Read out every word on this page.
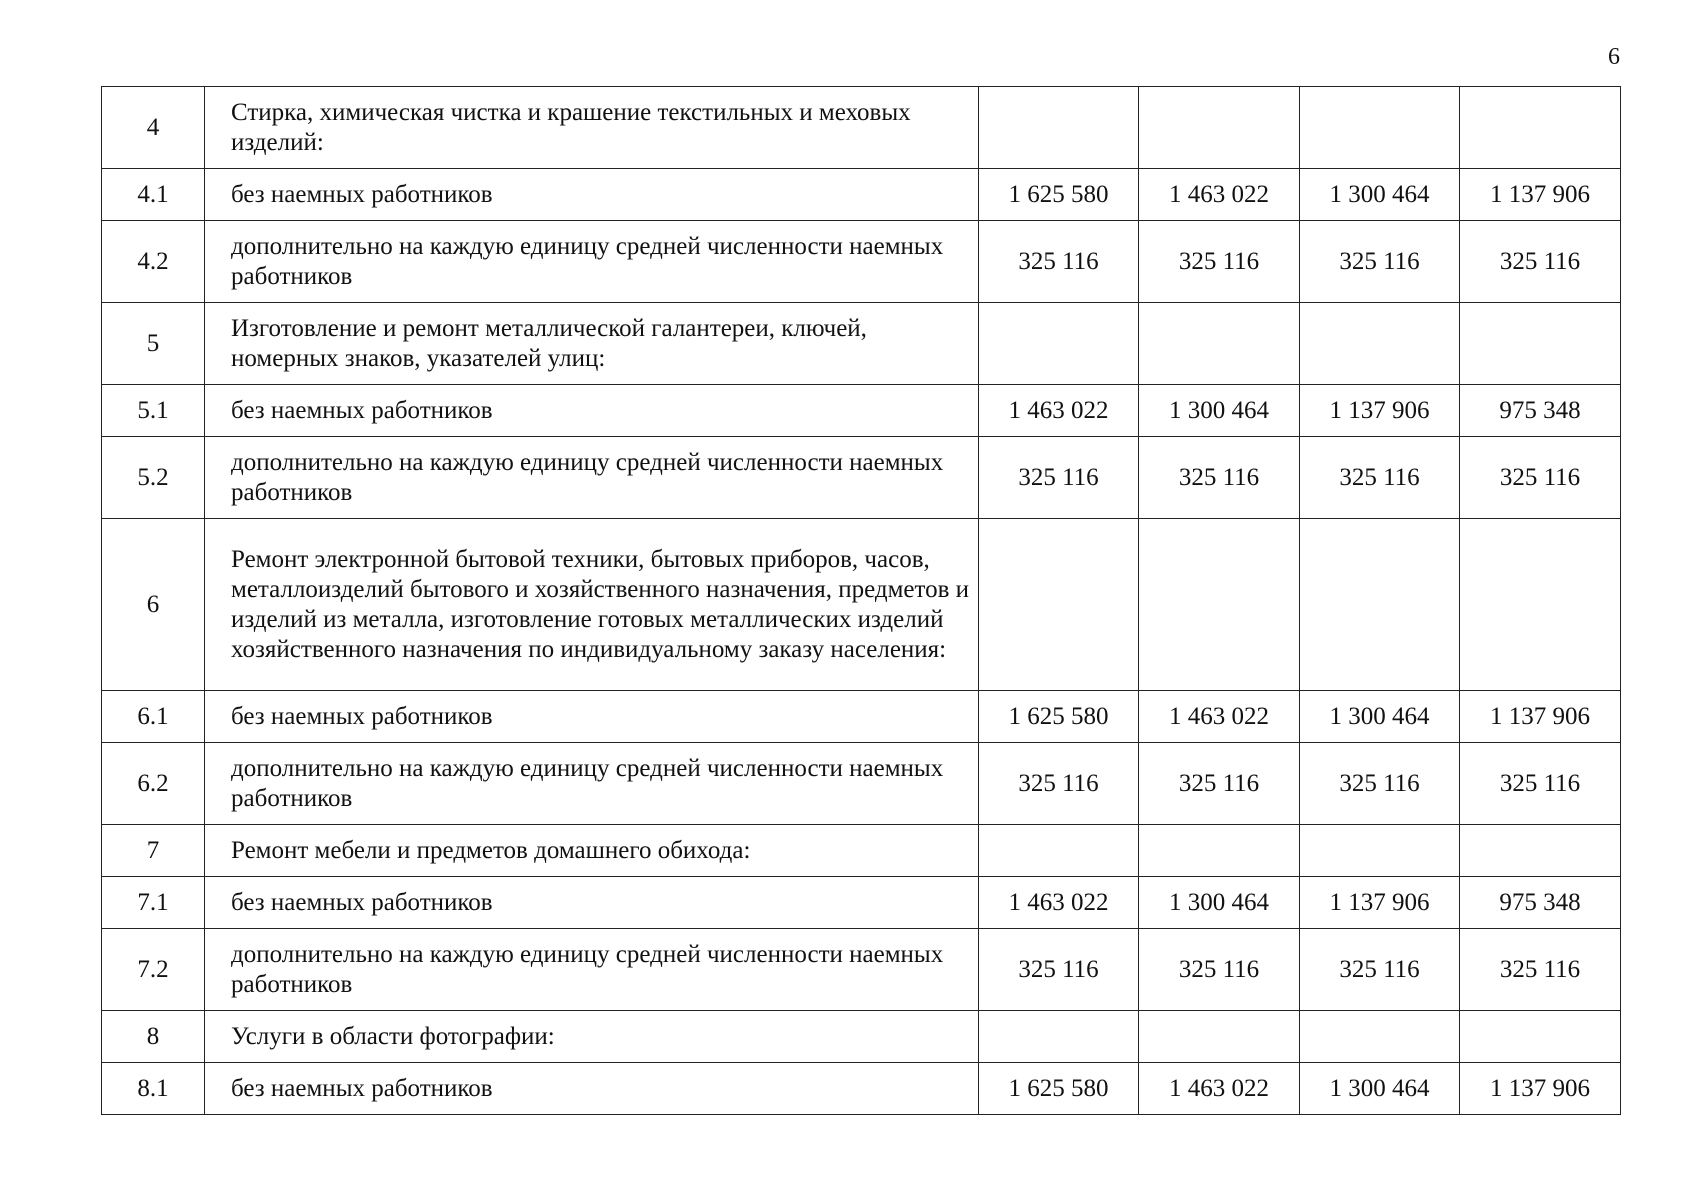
6
4	Стирка, химическая чистка и крашение текстильных и меховых изделий:				
4.1	без наемных работников	1 625 580	1 463 022	1 300 464	1 137 906
4.2	дополнительно на каждую единицу средней численности наемных работников	325 116	325 116	325 116	325 116
5	Изготовление и ремонт металлической галантереи, ключей, номерных знаков, указателей улиц:				
5.1	без наемных работников	1 463 022	1 300 464	1 137 906	975 348
5.2	дополнительно на каждую единицу средней численности наемных работников	325 116	325 116	325 116	325 116
6	Ремонт электронной бытовой техники, бытовых приборов, часов, металлоизделий бытового и хозяйственного назначения, предметов и изделий из металла, изготовление готовых металлических изделий хозяйственного назначения по индивидуальному заказу населения:				
6.1	без наемных работников	1 625 580	1 463 022	1 300 464	1 137 906
6.2	дополнительно на каждую единицу средней численности наемных работников	325 116	325 116	325 116	325 116
7	Ремонт мебели и предметов домашнего обихода:				
7.1	без наемных работников	1 463 022	1 300 464	1 137 906	975 348
7.2	дополнительно на каждую единицу средней численности наемных работников	325 116	325 116	325 116	325 116
8	Услуги в области фотографии:				
8.1	без наемных работников	1 625 580	1 463 022	1 300 464	1 137 906
